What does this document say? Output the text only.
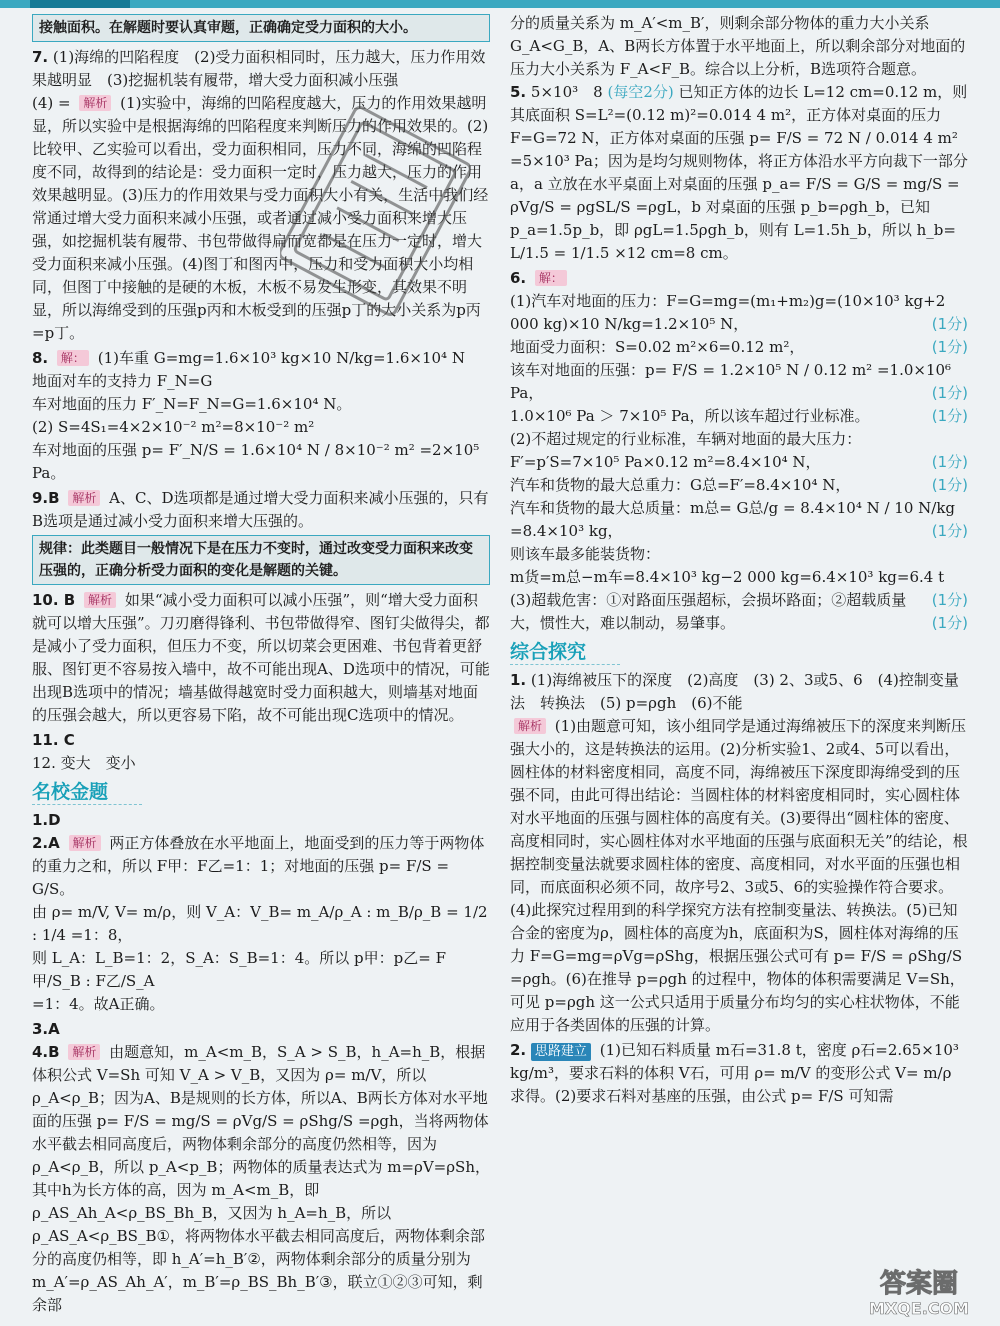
接触面积。在解题时要认真审题，正确确定受力面积的大小。
7. (1)海绵的凹陷程度　(2)受力面积相同时，压力越大，压力作用效果越明显　(3)挖掘机装有履带，增大受力面积减小压强
(4) = 解析 (1)实验中，海绵的凹陷程度越大，压力的作用效果越明显，所以实验中是根据海绵的凹陷程度来判断压力的作用效果的。(2)比较甲、乙实验可以看出，受力面积相同，压力不同，海绵的凹陷程度不同，故得到的结论是：受力面积一定时，压力越大，压力的作用效果越明显。(3)压力的作用效果与受力面积大小有关，生活中我们经常通过增大受力面积来减小压强，或者通过减小受力面积来增大压强，如挖掘机装有履带、书包带做得扁而宽都是在压力一定时，增大受力面积来减小压强。(4)图丁和图丙中，压力和受力面积大小均相同，但图丁中接触的是硬的木板，木板不易发生形变，其效果不明显，所以海绵受到的压强p丙和木板受到的压强p丁的大小关系为p丙=p丁。
8. 解： (1)车重 G=mg=1.6×10³ kg×10 N/kg=1.6×10⁴ N

地面对车的支持力 F_N=G

车对地面的压力 F′_N=F_N=G=1.6×10⁴ N。

(2) S=4S₁=4×2×10⁻² m²=8×10⁻² m²

车对地面的压强 p= F′_N/S = 1.6×10⁴ N / 8×10⁻² m² =2×10⁵ Pa。

9.B 解析 A、C、D选项都是通过增大受力面积来减小压强的，只有B选项是通过减小受力面积来增大压强的。
规律：此类题目一般情况下是在压力不变时，通过改变受力面积来改变压强的，正确分析受力面积的变化是解题的关键。
10. B 解析 如果“减小受力面积可以减小压强”，则“增大受力面积就可以增大压强”。刀刃磨得锋利、书包带做得窄、图钉尖做得尖，都是减小了受力面积，但压力不变，所以切菜会更困难、书包背着更舒服、图钉更不容易按入墙中，故不可能出现A、D选项中的情况，可能出现B选项中的情况；墙基做得越宽时受力面积越大，则墙基对地面的压强会越大，所以更容易下陷，故不可能出现C选项中的情况。

11. C

12. 变大　变小

名校金题

1.D

2.A 解析 两正方体叠放在水平地面上，地面受到的压力等于两物体的重力之和，所以 F甲：F乙=1：1；对地面的压强 p= F/S = G/S。

由 ρ= m/V, V= m/ρ，则 V_A：V_B= m_A/ρ_A : m_B/ρ_B = 1/2 : 1/4 =1：8，

则 L_A：L_B=1：2，S_A：S_B=1：4。所以 p甲：p乙= F甲/S_B : F乙/S_A

=1：4。故A正确。

3.A

4.B 解析 由题意知，m_A<m_B，S_A > S_B，h_A=h_B，根据体积公式 V=Sh 可知 V_A > V_B，又因为 ρ= m/V，所以 ρ_A<ρ_B；因为A、B是规则的长方体，所以A、B两长方体对水平地面的压强 p= F/S = mg/S = ρVg/S = ρShg/S =ρgh，当将两物体水平截去相同高度后，两物体剩余部分的高度仍然相等，因为 ρ_A<ρ_B，所以 p_A<p_B；两物体的质量表达式为 m=ρV=ρSh，其中h为长方体的高，因为 m_A<m_B，即 ρ_AS_Ah_A<ρ_BS_Bh_B，又因为 h_A=h_B，所以 ρ_AS_A<ρ_BS_B①，将两物体水平截去相同高度后，两物体剩余部分的高度仍相等，即 h_A′=h_B′②，两物体剩余部分的质量分别为 m_A′=ρ_AS_Ah_A′，m_B′=ρ_BS_Bh_B′③，联立①②③可知，剩余部

分的质量关系为 m_A′<m_B′，则剩余部分物体的重力大小关系 G_A<G_B，A、B两长方体置于水平地面上，所以剩余部分对地面的压力大小关系为 F_A<F_B。综合以上分析，B选项符合题意。

5. 5×10³　8 (每空2分) 已知正方体的边长 L=12 cm=0.12 m，则其底面积 S=L²=(0.12 m)²=0.014 4 m²，正方体对桌面的压力 F=G=72 N，正方体对桌面的压强 p= F/S = 72 N / 0.014 4 m² =5×10³ Pa；因为是均匀规则物体，将正方体沿水平方向裁下一部分 a，a 立放在水平桌面上对桌面的压强 p_a= F/S = G/S = mg/S = ρVg/S = ρgSL/S =ρgL，b 对桌面的压强 p_b=ρgh_b，已知 p_a=1.5p_b，即 ρgL=1.5ρgh_b，则有 L=1.5h_b，所以 h_b= L/1.5 = 1/1.5 ×12 cm=8 cm。
6. 解：

(1)汽车对地面的压力：F=G=mg=(m₁+m₂)g=(10×10³ kg+2 000 kg)×10 N/kg=1.2×10⁵ N，	(1分)

地面受力面积：S=0.02 m²×6=0.12 m²，	(1分)

该车对地面的压强：p= F/S = 1.2×10⁵ N / 0.12 m² =1.0×10⁶ Pa，	(1分)

1.0×10⁶ Pa ＞ 7×10⁵ Pa，所以该车超过行业标准。	(1分)

(2)不超过规定的行业标准，车辆对地面的最大压力：

F′=p′S=7×10⁵ Pa×0.12 m²=8.4×10⁴ N，	(1分)

汽车和货物的最大总重力：G总=F′=8.4×10⁴ N，	(1分)

汽车和货物的最大总质量：m总= G总/g = 8.4×10⁴ N / 10 N/kg =8.4×10³ kg，	(1分)

则该车最多能装货物：

m货=m总−m车=8.4×10³ kg−2 000 kg=6.4×10³ kg=6.4 t
(1分)

(3)超载危害：①对路面压强超标，会损坏路面；②超载质量大，惯性大，难以制动，易肇事。	(1分)

综合探究
1. (1)海绵被压下的深度　(2)高度　(3) 2、3或5、6　(4)控制变量法　转换法　(5) p=ρgh　(6)不能
解析 (1)由题意可知，该小组同学是通过海绵被压下的深度来判断压强大小的，这是转换法的运用。(2)分析实验1、2或4、5可以看出，圆柱体的材料密度相同，高度不同，海绵被压下深度即海绵受到的压强不同，由此可得出结论：当圆柱体的材料密度相同时，实心圆柱体对水平地面的压强与圆柱体的高度有关。(3)要得出“圆柱体的密度、高度相同时，实心圆柱体对水平地面的压强与底面积无关”的结论，根据控制变量法就要求圆柱体的密度、高度相同，对水平面的压强也相同，而底面积必须不同，故序号2、3或5、6的实验操作符合要求。(4)此探究过程用到的科学探究方法有控制变量法、转换法。(5)已知合金的密度为ρ，圆柱体的高度为h，底面积为S，圆柱体对海绵的压力 F=G=mg=ρVg=ρShg，根据压强公式可有 p= F/S = ρShg/S =ρgh。(6)在推导 p=ρgh 的过程中，物体的体积需要满足 V=Sh，可见 p=ρgh 这一公式只适用于质量分布均匀的实心柱状物体，不能应用于各类固体的压强的计算。
2. 思路建立 (1)已知石料质量 m石=31.8 t，密度 ρ石=2.65×10³ kg/m³，要求石料的体积 V石，可用 ρ= m/V 的变形公式 V= m/ρ 求得。(2)要求石料对基座的压强，由公式 p= F/S 可知需
答案圈
MXQE.COM
